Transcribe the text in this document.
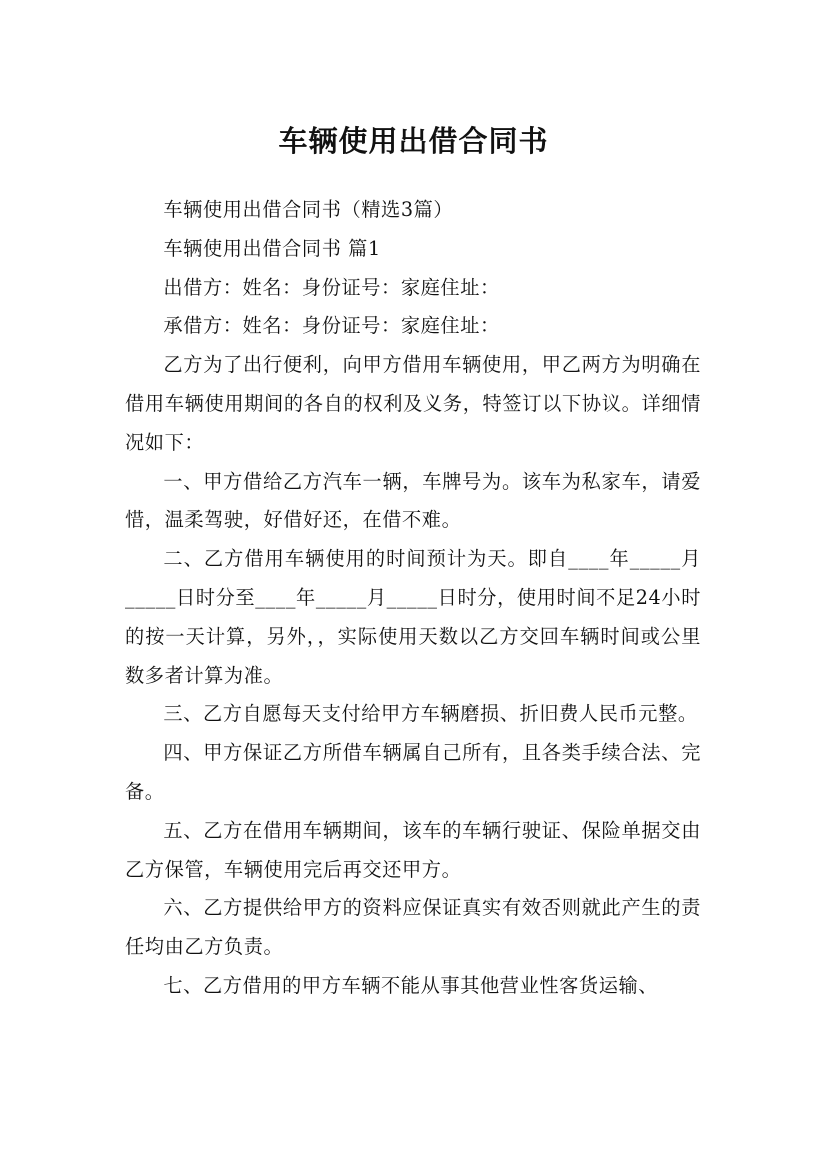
车辆使用出借合同书

车辆使用出借合同书（精选3篇）

车辆使用出借合同书 篇1

出借方：姓名：身份证号：家庭住址：

承借方：姓名：身份证号：家庭住址：

乙方为了出行便利，向甲方借用车辆使用，甲乙两方为明确在借用车辆使用期间的各自的权利及义务，特签订以下协议。详细情况如下：

一、甲方借给乙方汽车一辆，车牌号为。该车为私家车，请爱惜，温柔驾驶，好借好还，在借不难。

二、乙方借用车辆使用的时间预计为天。即自____年_____月_____日时分至____年_____月_____日时分，使用时间不足24小时的按一天计算，另外，，实际使用天数以乙方交回车辆时间或公里数多者计算为准。

三、乙方自愿每天支付给甲方车辆磨损、折旧费人民币元整。

四、甲方保证乙方所借车辆属自己所有，且各类手续合法、完备。

五、乙方在借用车辆期间，该车的车辆行驶证、保险单据交由乙方保管，车辆使用完后再交还甲方。

六、乙方提供给甲方的资料应保证真实有效否则就此产生的责任均由乙方负责。

七、乙方借用的甲方车辆不能从事其他营业性客货运输、
